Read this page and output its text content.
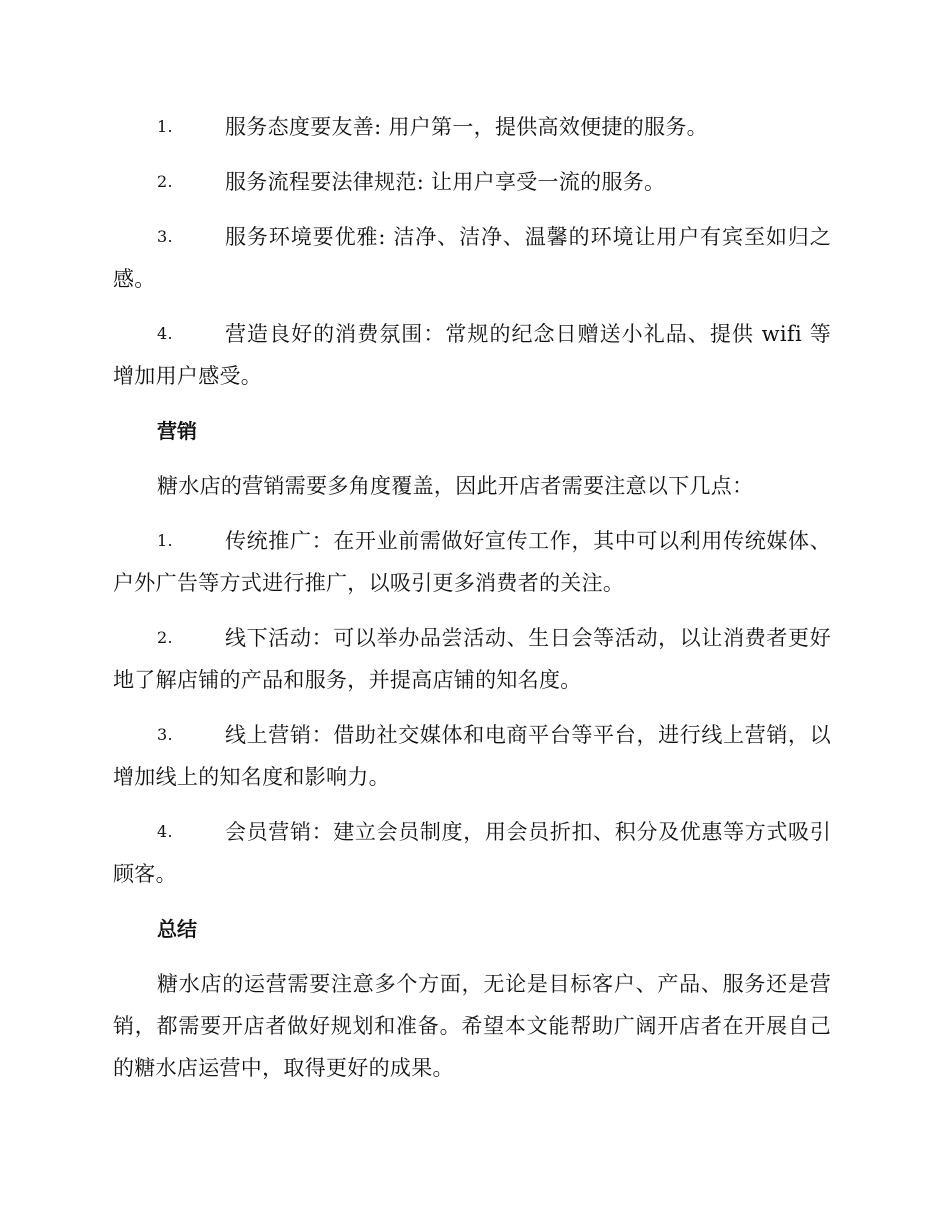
1. 服务态度要友善: 用户第一，提供高效便捷的服务。
2. 服务流程要法律规范: 让用户享受一流的服务。
3. 服务环境要优雅: 洁净、洁净、温馨的环境让用户有宾至如归之感。
4. 营造良好的消费氛围：常规的纪念日赠送小礼品、提供 wifi 等增加用户感受。
营销
糖水店的营销需要多角度覆盖，因此开店者需要注意以下几点：
1. 传统推广：在开业前需做好宣传工作，其中可以利用传统媒体、户外广告等方式进行推广，以吸引更多消费者的关注。
2. 线下活动：可以举办品尝活动、生日会等活动，以让消费者更好地了解店铺的产品和服务，并提高店铺的知名度。
3. 线上营销：借助社交媒体和电商平台等平台，进行线上营销，以增加线上的知名度和影响力。
4. 会员营销：建立会员制度，用会员折扣、积分及优惠等方式吸引顾客。
总结
糖水店的运营需要注意多个方面，无论是目标客户、产品、服务还是营销，都需要开店者做好规划和准备。希望本文能帮助广阔开店者在开展自己的糖水店运营中，取得更好的成果。
